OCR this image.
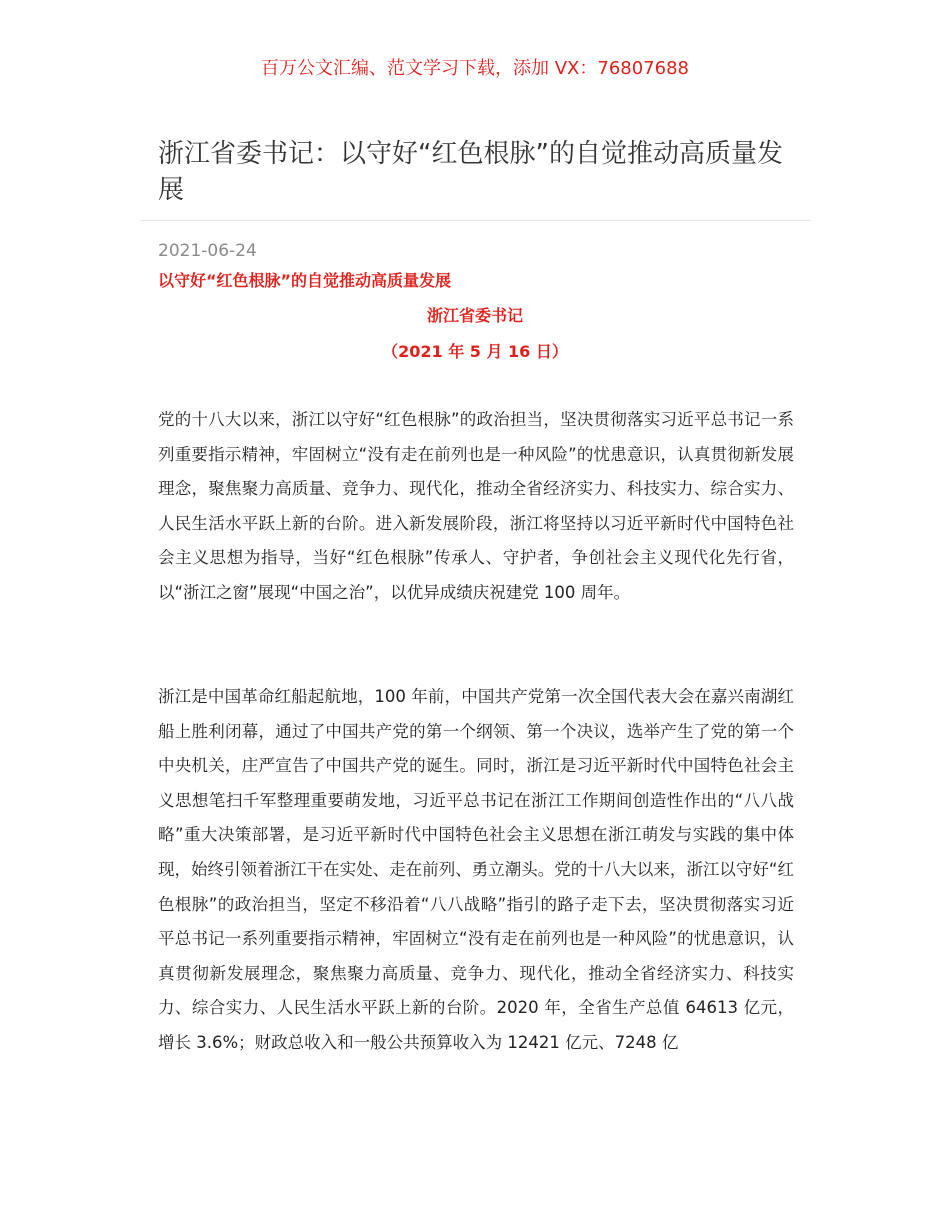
百万公文汇编、范文学习下载，添加 VX：76807688
浙江省委书记：以守好“红色根脉”的自觉推动高质量发展
2021-06-24
以守好“红色根脉”的自觉推动高质量发展
浙江省委书记
（2021 年 5 月 16 日）

党的十八大以来，浙江以守好“红色根脉”的政治担当，坚决贯彻落实习近平总书记一系列重要指示精神，牢固树立“没有走在前列也是一种风险”的忧患意识，认真贯彻新发展理念，聚焦聚力高质量、竞争力、现代化，推动全省经济实力、科技实力、综合实力、人民生活水平跃上新的台阶。进入新发展阶段，浙江将坚持以习近平新时代中国特色社会主义思想为指导，当好“红色根脉”传承人、守护者，争创社会主义现代化先行省，以“浙江之窗”展现“中国之治”，以优异成绩庆祝建党 100 周年。

浙江是中国革命红船起航地，100 年前，中国共产党第一次全国代表大会在嘉兴南湖红船上胜利闭幕，通过了中国共产党的第一个纲领、第一个决议，选举产生了党的第一个中央机关，庄严宣告了中国共产党的诞生。同时，浙江是习近平新时代中国特色社会主义思想笔扫千军整理重要萌发地，习近平总书记在浙江工作期间创造性作出的“八八战略”重大决策部署，是习近平新时代中国特色社会主义思想在浙江萌发与实践的集中体现，始终引领着浙江干在实处、走在前列、勇立潮头。党的十八大以来，浙江以守好“红色根脉”的政治担当，坚定不移沿着“八八战略”指引的路子走下去，坚决贯彻落实习近平总书记一系列重要指示精神，牢固树立“没有走在前列也是一种风险”的忧患意识，认真贯彻新发展理念，聚焦聚力高质量、竞争力、现代化，推动全省经济实力、科技实力、综合实力、人民生活水平跃上新的台阶。2020 年，全省生产总值 64613 亿元，增长 3.6%；财政总收入和一般公共预算收入为 12421 亿元、7248 亿
